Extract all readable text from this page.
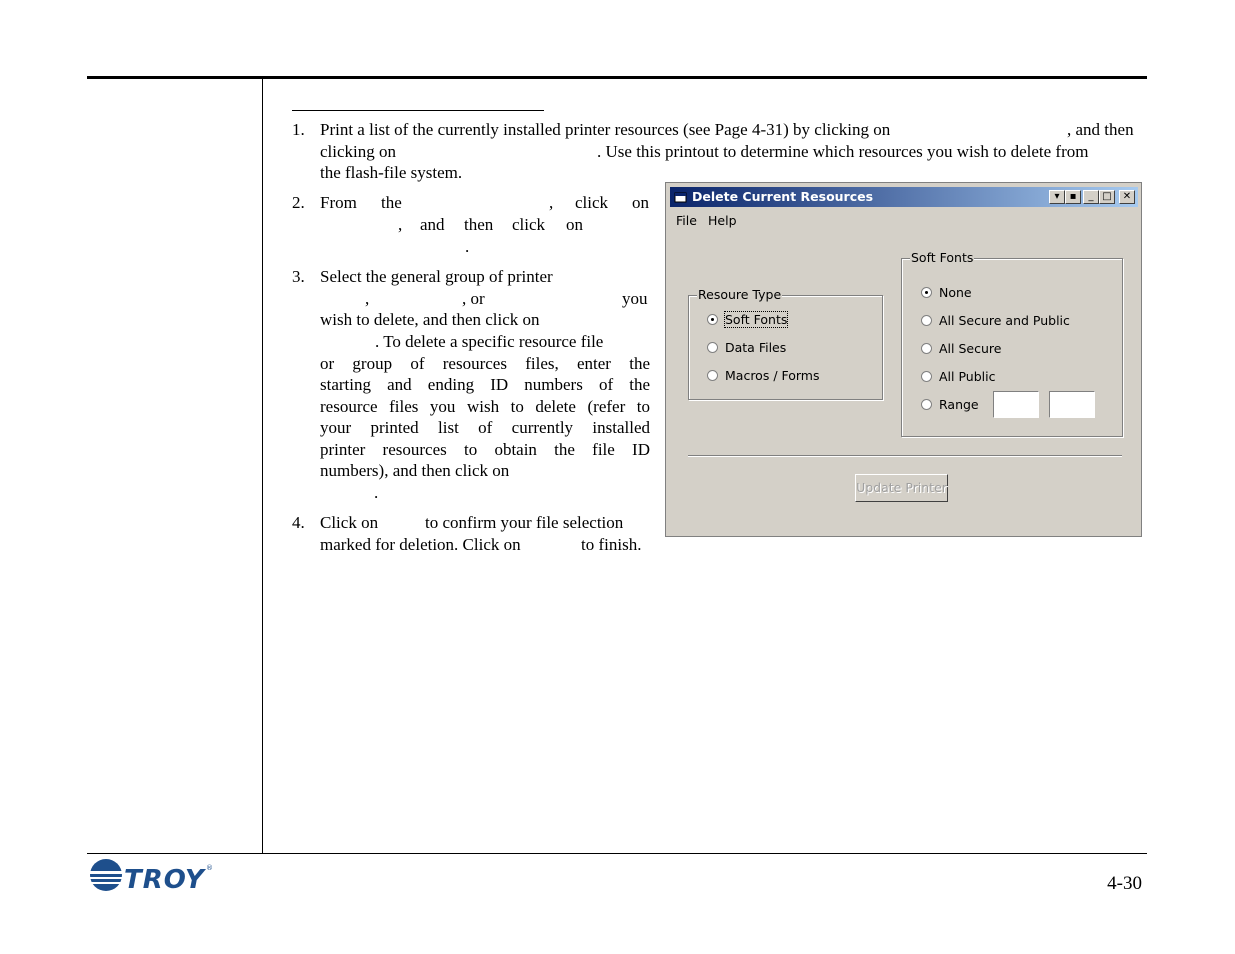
1. Print a list of the currently installed printer resources (see Page 4-31) by clicking on	, and then
clicking on	. Use this printout to determine which resources you wish to delete from
the flash-file system.
2. From the	, click on
, and then click on
.
3. Select the general group of printer
,	, or	you
wish to delete, and then click on
. To delete a specific resource file
or group of resources files, enter the
starting and ending ID numbers of the
resource files you wish to delete (refer to
your printed list of currently installed
printer resources to obtain the file ID
numbers), and then click on
.
4. Click on	to confirm your file selection
marked for deletion. Click on	to finish.
Delete Current Resources	▾	▪	_ □	✕
File Help
Resoure Type
Soft Fonts
Data Files
Macros / Forms
Soft Fonts
None
All Secure and Public
All Secure
All Public
Range
Update Printer
TROY ®
4-30
